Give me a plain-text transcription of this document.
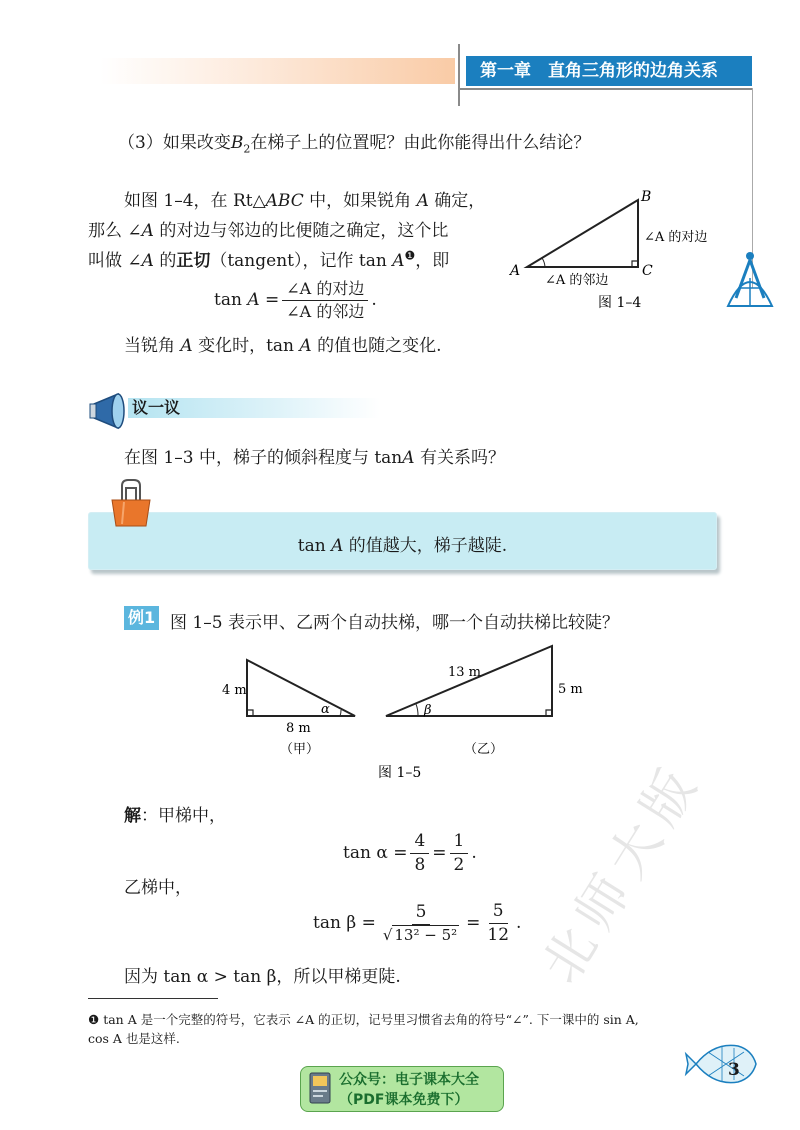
第一章　直角三角形的边角关系
（3）如果改变$B_2$在梯子上的位置呢？由此你能得出什么结论？
如图 1–4，在 Rt△ABC 中，如果锐角 A 确定，
那么 ∠A 的对边与邻边的比便随之确定，这个比
叫做 ∠A 的正切（tangent），记作 $\tan A^❶$，即
tan
A
= $\frac{\text{∠A 的对边}}{\text{∠A 的邻边}}$ .
当锐角 A 变化时，tan A 的值也随之变化.
B
A	C
∠A 的对边
∠A 的邻边
图 1–4
议一议
在图 1–3 中，梯子的倾斜程度与 tanA 有关系吗？
tan A 的值越大，梯子越陡.
例1 图 1–5 表示甲、乙两个自动扶梯，哪一个自动扶梯比较陡？
4 m
8 m
α
（甲）
13 m
5 m
β
（乙）
图 1–5
解：甲梯中，
tan α
= $\frac{4}{8} = \frac{1}{2}$ .
乙梯中，
tan β
= $\frac{5}{\text{√ 13² − 5²}} = \frac{5}{12}$ .
因为 tan α > tan β，所以甲梯更陡.
❶ tan A 是一个完整的符号，它表示 ∠A 的正切，记号里习惯省去角的符号“∠”. 下一课中的 sin A,
cos A 也是这样.
北师大版
3
公众号：电子课本大全
（PDF课本免费下）
